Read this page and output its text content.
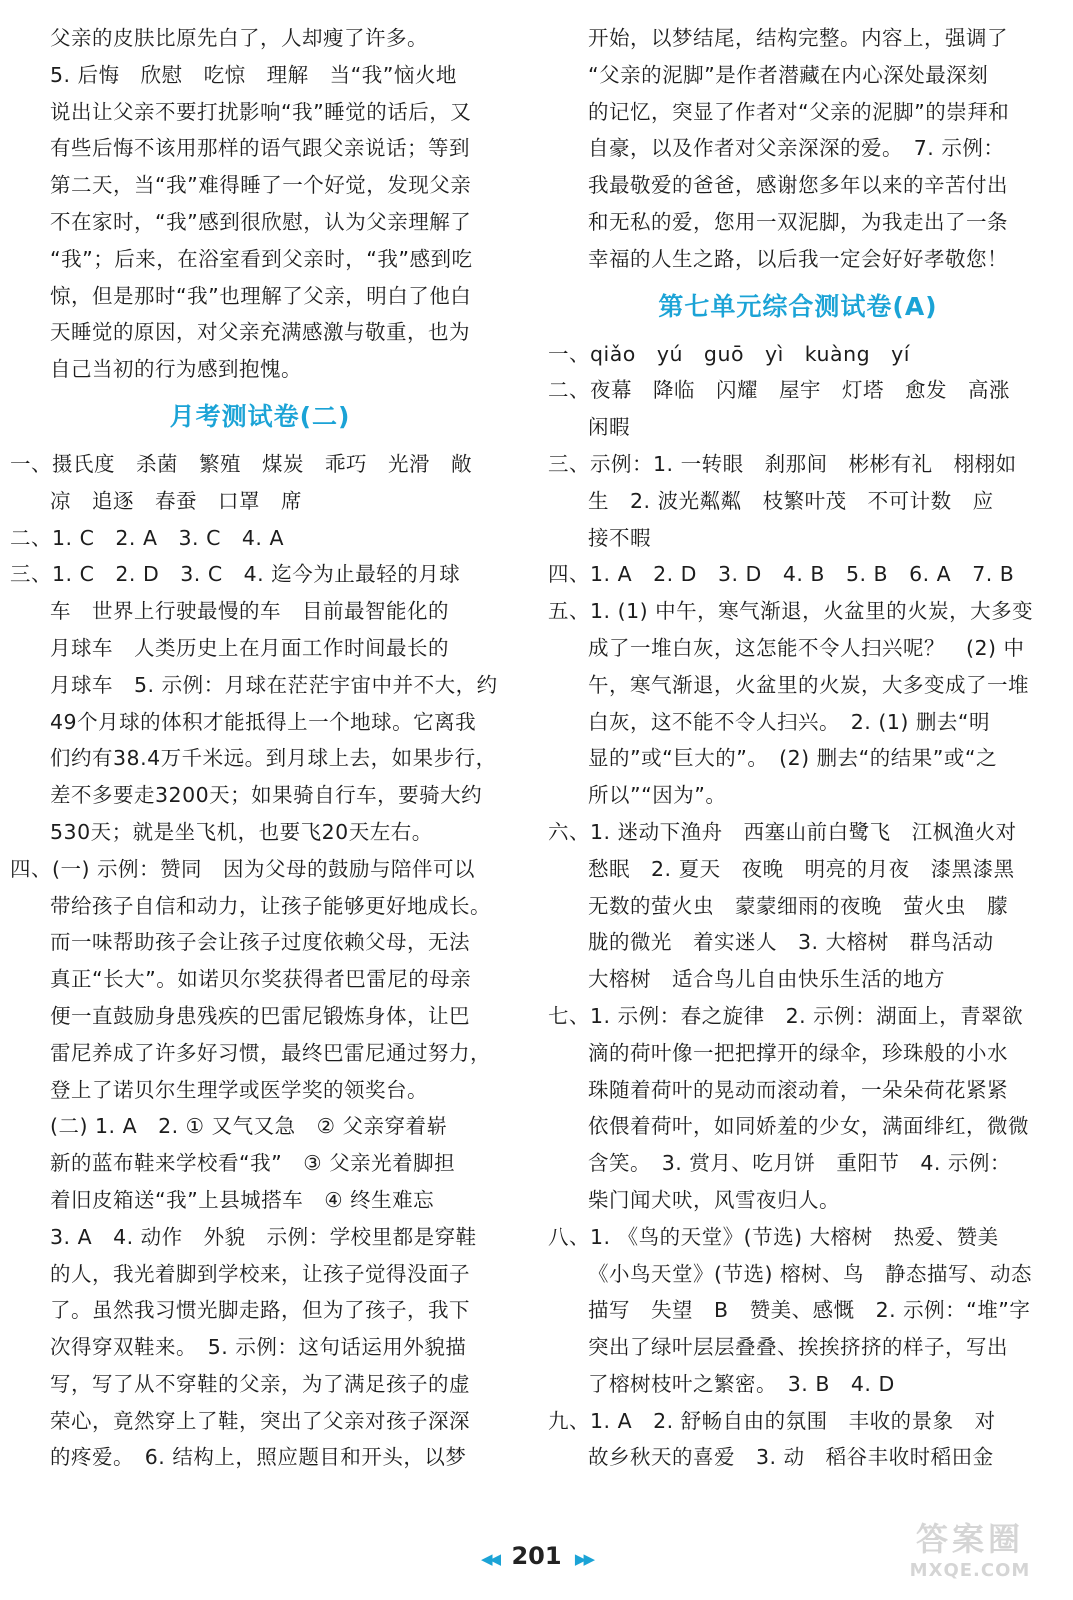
父亲的皮肤比原先白了，人却瘦了许多。
5. 后悔　欣慰　吃惊　理解　当“我”恼火地
说出让父亲不要打扰影响“我”睡觉的话后，又
有些后悔不该用那样的语气跟父亲说话；等到
第二天，当“我”难得睡了一个好觉，发现父亲
不在家时，“我”感到很欣慰，认为父亲理解了
“我”；后来，在浴室看到父亲时，“我”感到吃
惊，但是那时“我”也理解了父亲，明白了他白
天睡觉的原因，对父亲充满感激与敬重，也为
自己当初的行为感到抱愧。
月考测试卷(二)
一、摄氏度　杀菌　繁殖　煤炭　乖巧　光滑　敞
凉　追逐　春蚕　口罩　席
二、1. C　2. A　3. C　4. A
三、1. C　2. D　3. C　4. 迄今为止最轻的月球
车　世界上行驶最慢的车　目前最智能化的
月球车　人类历史上在月面工作时间最长的
月球车　5. 示例：月球在茫茫宇宙中并不大，约
49个月球的体积才能抵得上一个地球。它离我
们约有38.4万千米远。到月球上去，如果步行，
差不多要走3200天；如果骑自行车，要骑大约
530天；就是坐飞机，也要飞20天左右。
四、(一) 示例：赞同　因为父母的鼓励与陪伴可以
带给孩子自信和动力，让孩子能够更好地成长。
而一味帮助孩子会让孩子过度依赖父母，无法
真正“长大”。如诺贝尔奖获得者巴雷尼的母亲
便一直鼓励身患残疾的巴雷尼锻炼身体，让巴
雷尼养成了许多好习惯，最终巴雷尼通过努力，
登上了诺贝尔生理学或医学奖的领奖台。
(二) 1. A　2. ① 又气又急　② 父亲穿着崭
新的蓝布鞋来学校看“我”　③ 父亲光着脚担
着旧皮箱送“我”上县城搭车　④ 终生难忘
3. A　4. 动作　外貌　示例：学校里都是穿鞋
的人，我光着脚到学校来，让孩子觉得没面子
了。虽然我习惯光脚走路，但为了孩子，我下
次得穿双鞋来。　5. 示例：这句话运用外貌描
写，写了从不穿鞋的父亲，为了满足孩子的虚
荣心，竟然穿上了鞋，突出了父亲对孩子深深
的疼爱。　6. 结构上，照应题目和开头，以梦
开始，以梦结尾，结构完整。内容上，强调了
“父亲的泥脚”是作者潜藏在内心深处最深刻
的记忆，突显了作者对“父亲的泥脚”的崇拜和
自豪，以及作者对父亲深深的爱。　7. 示例：
我最敬爱的爸爸，感谢您多年以来的辛苦付出
和无私的爱，您用一双泥脚，为我走出了一条
幸福的人生之路，以后我一定会好好孝敬您！
第七单元综合测试卷(A)
一、qiǎo　yú　guō　yì　kuàng　yí
二、夜幕　降临　闪耀　屋宇　灯塔　愈发　高涨
闲暇
三、示例：1. 一转眼　刹那间　彬彬有礼　栩栩如
生　2. 波光粼粼　枝繁叶茂　不可计数　应
接不暇
四、1. A　2. D　3. D　4. B　5. B　6. A　7. B
五、1. (1) 中午，寒气渐退，火盆里的火炭，大多变
成了一堆白灰，这怎能不令人扫兴呢？　(2) 中
午，寒气渐退，火盆里的火炭，大多变成了一堆
白灰，这不能不令人扫兴。　2. (1) 删去“明
显的”或“巨大的”。　(2) 删去“的结果”或“之
所以”“因为”。
六、1. 迷动下渔舟　西塞山前白鹭飞　江枫渔火对
愁眠　2. 夏天　夜晚　明亮的月夜　漆黑漆黑
无数的萤火虫　蒙蒙细雨的夜晚　萤火虫　朦
胧的微光　着实迷人　3. 大榕树　群鸟活动
大榕树　适合鸟儿自由快乐生活的地方
七、1. 示例：春之旋律　2. 示例：湖面上，青翠欲
滴的荷叶像一把把撑开的绿伞，珍珠般的小水
珠随着荷叶的晃动而滚动着，一朵朵荷花紧紧
依偎着荷叶，如同娇羞的少女，满面绯红，微微
含笑。　3. 赏月、吃月饼　重阳节　4. 示例：
柴门闻犬吠，风雪夜归人。
八、1. 《鸟的天堂》(节选) 大榕树　热爱、赞美
《小鸟天堂》(节选) 榕树、鸟　静态描写、动态
描写　失望　B　赞美、感慨　2. 示例：“堆”字
突出了绿叶层层叠叠、挨挨挤挤的样子，写出
了榕树枝叶之繁密。　3. B　4. D
九、1. A　2. 舒畅自由的氛围　丰收的景象　对
故乡秋天的喜爱　3. 动　稻谷丰收时稻田金
◀◀ 201 ▶▶
答案圈
MXQE.COM
